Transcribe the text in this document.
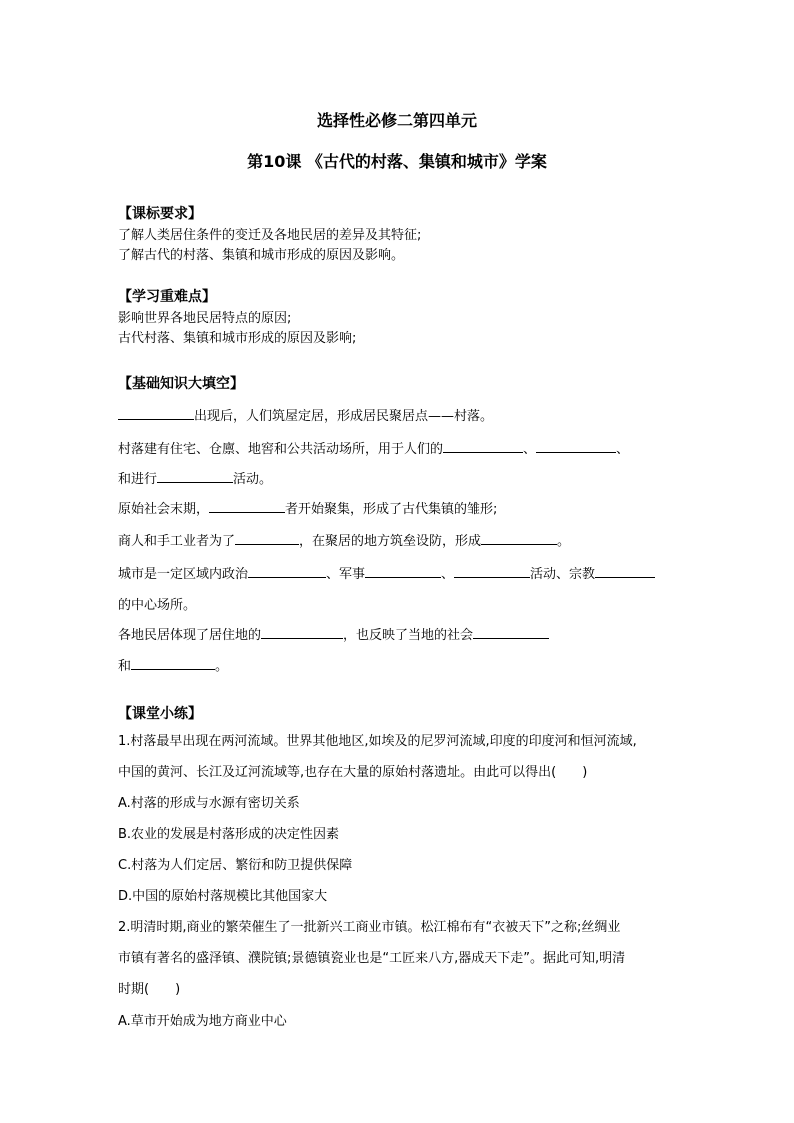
选择性必修二第四单元
第10课 《古代的村落、集镇和城市》学案
【课标要求】
了解人类居住条件的变迁及各地民居的差异及其特征;
了解古代的村落、集镇和城市形成的原因及影响。
【学习重难点】
影响世界各地民居特点的原因;
古代村落、集镇和城市形成的原因及影响;
【基础知识大填空】
出现后，人们筑屋定居，形成居民聚居点——村落。
村落建有住宅、仓廪、地窖和公共活动场所，用于人们的	、	、
和进行	活动。
原始社会末期，	者开始聚集，形成了古代集镇的雏形;
商人和手工业者为了	，在聚居的地方筑垒设防，形成	。
城市是一定区域内政治	、军事	、	活动、宗教
的中心场所。
各地民居体现了居住地的	，也反映了当地的社会
和	。
【课堂小练】
1.村落最早出现在两河流域。世界其他地区,如埃及的尼罗河流域,印度的印度河和恒河流域,
中国的黄河、长江及辽河流域等,也存在大量的原始村落遗址。由此可以得出(　　)
A.村落的形成与水源有密切关系
B.农业的发展是村落形成的决定性因素
C.村落为人们定居、繁衍和防卫提供保障
D.中国的原始村落规模比其他国家大
2.明清时期,商业的繁荣催生了一批新兴工商业市镇。松江棉布有“衣被天下”之称;丝绸业
市镇有著名的盛泽镇、濮院镇;景德镇瓷业也是“工匠来八方,器成天下走”。据此可知,明清
时期(　　)
A.草市开始成为地方商业中心
